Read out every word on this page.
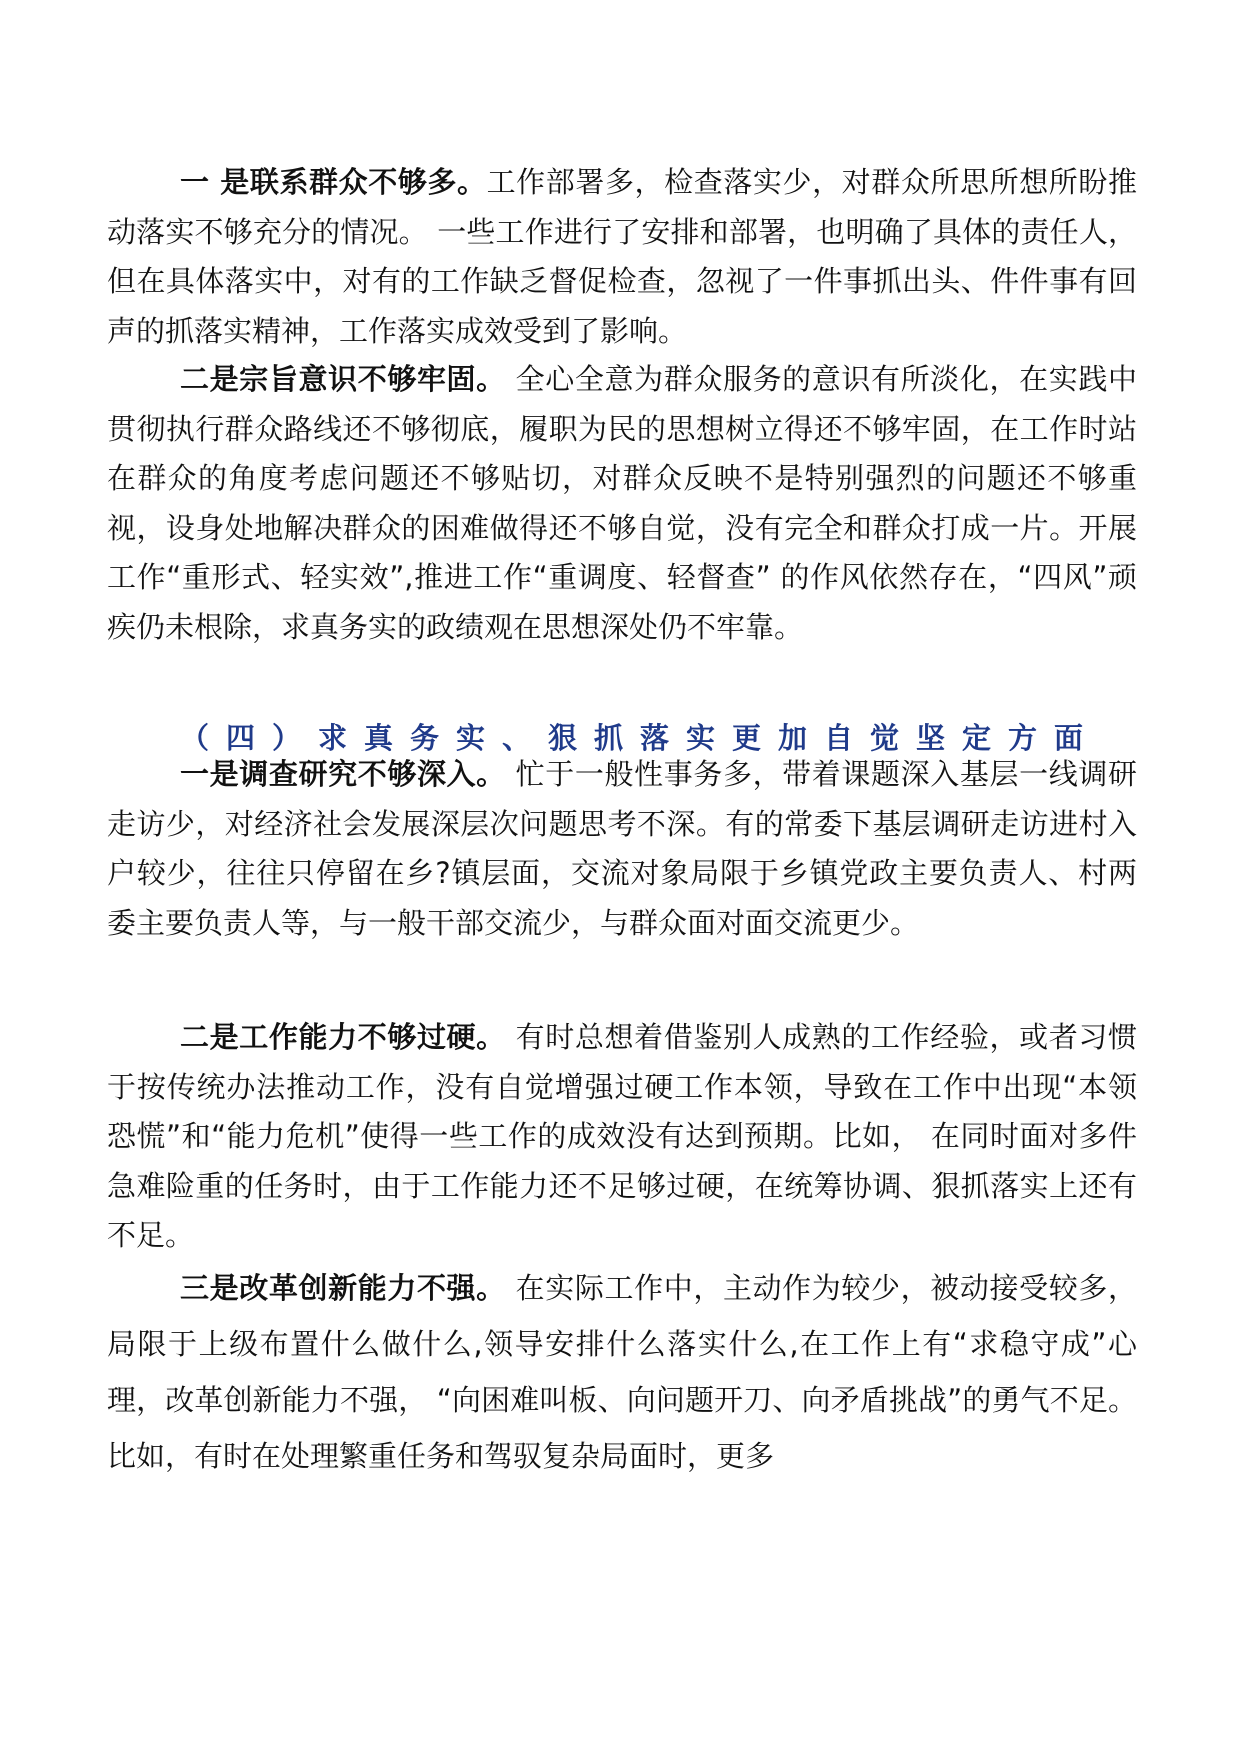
一 是联系群众不够多。工作部署多，检查落实少，对群众所思所想所盼推动落实不够充分的情况。 一些工作进行了安排和部署，也明确了具体的责任人，但在具体落实中，对有的工作缺乏督促检查，忽视了一件事抓出头、件件事有回声的抓落实精神，工作落实成效受到了影响。

二是宗旨意识不够牢固。 全心全意为群众服务的意识有所淡化，在实践中贯彻执行群众路线还不够彻底，履职为民的思想树立得还不够牢固，在工作时站在群众的角度考虑问题还不够贴切，对群众反映不是特别强烈的问题还不够重视，设身处地解决群众的困难做得还不够自觉，没有完全和群众打成一片。开展工作“重形式、轻实效”,推进工作“重调度、轻督查” 的作风依然存在，“四风”顽疾仍未根除，求真务实的政绩观在思想深处仍不牢靠。

（四）求真务实、狠抓落实更加自觉坚定方面

一是调查研究不够深入。 忙于一般性事务多，带着课题深入基层一线调研走访少，对经济社会发展深层次问题思考不深。有的常委下基层调研走访进村入户较少，往往只停留在乡?镇层面，交流对象局限于乡镇党政主要负责人、村两委主要负责人等，与一般干部交流少，与群众面对面交流更少。

二是工作能力不够过硬。 有时总想着借鉴别人成熟的工作经验，或者习惯于按传统办法推动工作，没有自觉增强过硬工作本领，导致在工作中出现“本领恐慌”和“能力危机”使得一些工作的成效没有达到预期。比如， 在同时面对多件急难险重的任务时，由于工作能力还不足够过硬，在统筹协调、狠抓落实上还有不足。

三是改革创新能力不强。 在实际工作中，主动作为较少，被动接受较多，局限于上级布置什么做什么,领导安排什么落实什么,在工作上有“求稳守成”心理，改革创新能力不强， “向困难叫板、向问题开刀、向矛盾挑战”的勇气不足。比如，有时在处理繁重任务和驾驭复杂局面时，更多
